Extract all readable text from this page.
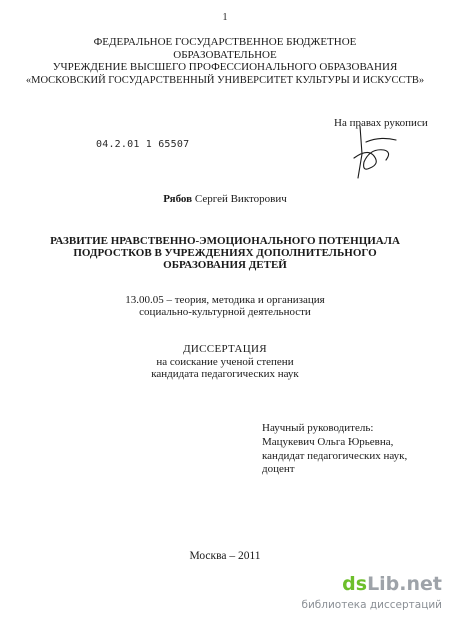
1
ФЕДЕРАЛЬНОЕ ГОСУДАРСТВЕННОЕ БЮДЖЕТНОЕ
ОБРАЗОВАТЕЛЬНОЕ
УЧРЕЖДЕНИЕ ВЫСШЕГО ПРОФЕССИОНАЛЬНОГО ОБРАЗОВАНИЯ
«МОСКОВСКИЙ ГОСУДАРСТВЕННЫЙ УНИВЕРСИТЕТ КУЛЬТУРЫ И ИСКУССТВ»
На правах рукописи
04.2.01 1 65507
Рябов Сергей Викторович
РАЗВИТИЕ НРАВСТВЕННО-ЭМОЦИОНАЛЬНОГО ПОТЕНЦИАЛА
ПОДРОСТКОВ В УЧРЕЖДЕНИЯХ ДОПОЛНИТЕЛЬНОГО
ОБРАЗОВАНИЯ ДЕТЕЙ
13.00.05 – теория, методика и организация
социально-культурной деятельности
ДИССЕРТАЦИЯ
на соискание ученой степени
кандидата педагогических наук
Научный руководитель:
Мацукевич Ольга Юрьевна,
кандидат педагогических наук,
доцент
Москва – 2011
dsLib.net
библиотека диссертаций
